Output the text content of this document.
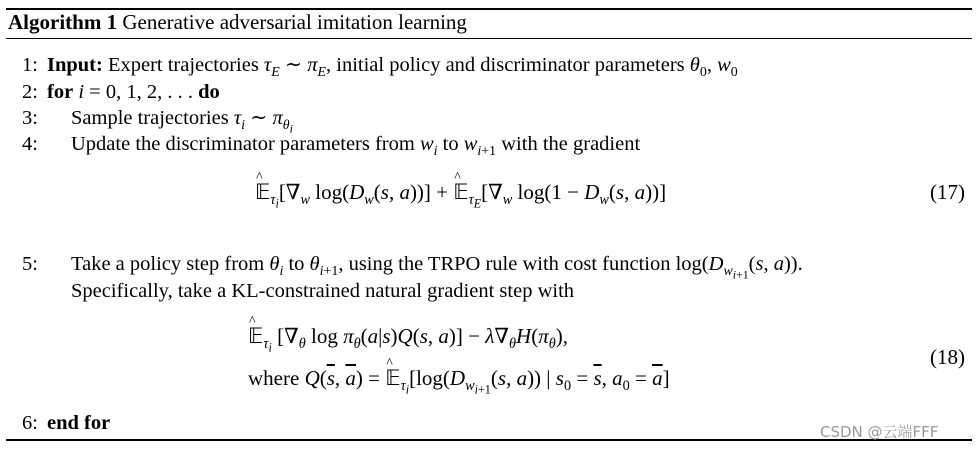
Algorithm 1 Generative adversarial imitation learning
1: Input: Expert trajectories $\tau_E$ ∼ $\pi_E$, initial policy and discriminator parameters $\theta_0$, $w_0$
2: for i = 0, 1, 2, . . . do
3: Sample trajectories $\tau_i$ ∼ $\pi_{\theta_i}$
4: Update the discriminator parameters from $w_i$ to $w_{i+1}$ with the gradient
^ $𝔼_{\tau_i}[\nabla_w$ $\log(D_w(s$, a))] + ^ $𝔼_{\tau_E}[\nabla_w$ $\log(1 - D_w(s$, a))]	(17)
5: Take a policy step from $\theta_i$ to $\theta_{i+1}$, using the TRPO rule with cost function $\log(D_{w_{i+1}}(s$, a)).
Specifically, take a KL-constrained natural gradient step with
^ 𝔼$_{\tau_i}$ [$\nabla_\theta$ $\log \pi_\theta(a|s)Q(s$, $a)] - \lambda\nabla_\theta H(\pi_\theta)$,
where $Q(\overline{s}$, $\overline{a}$) = ^ $𝔼_{\tau_i}[\log(D_{w_{i+1}}(s$, a)) | $s_0 = \overline{s}$, $a_0 = \overline{a}$]
(18)
6: end for	CSDN @云端FFF
